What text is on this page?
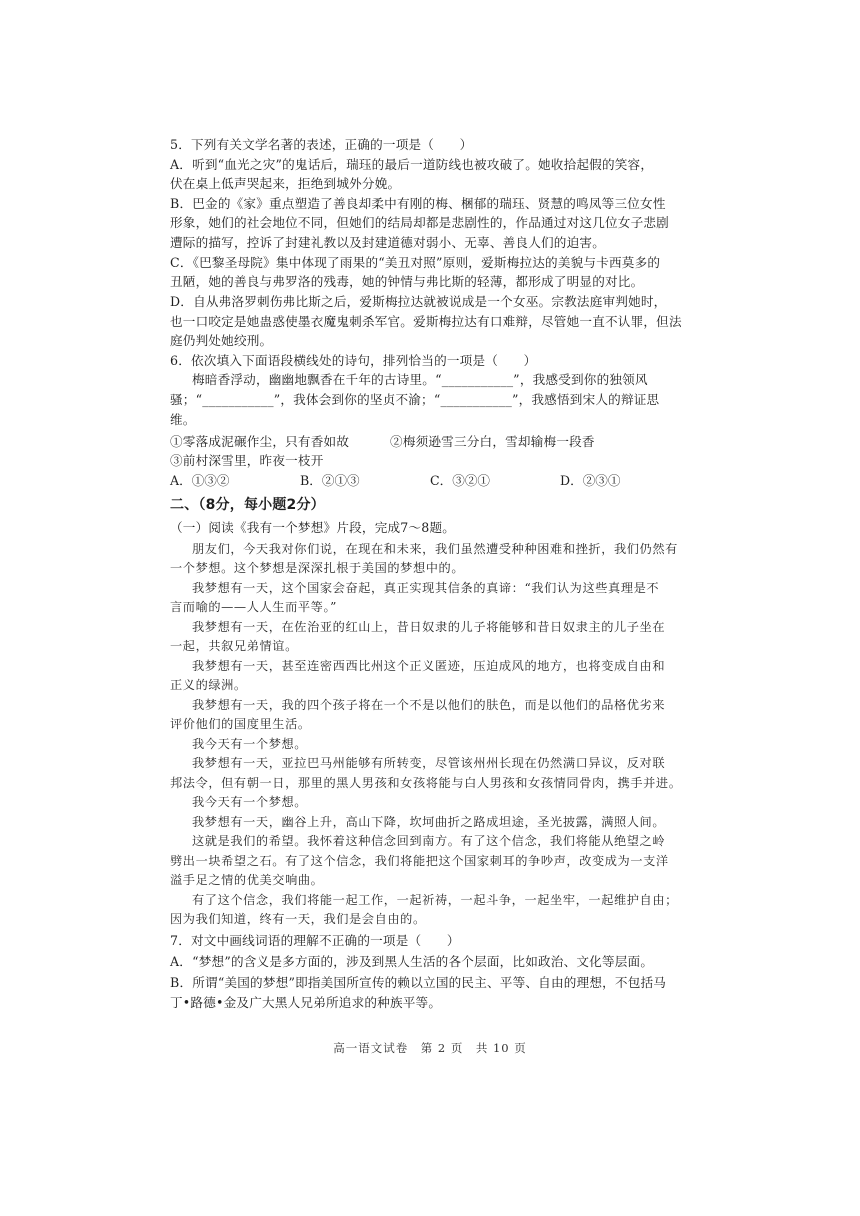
5．下列有关文学名著的表述，正确的一项是（　　）
A．听到“血光之灾”的鬼话后，瑞珏的最后一道防线也被攻破了。她收拾起假的笑容，
伏在桌上低声哭起来，拒绝到城外分娩。
B．巴金的《家》重点塑造了善良却柔中有刚的梅、梱郁的瑞珏、贤慧的鸣凤等三位女性
形象，她们的社会地位不同，但她们的结局却都是悲剧性的，作品通过对这几位女子悲剧
遭际的描写，控诉了封建礼教以及封建道德对弱小、无辜、善良人们的迫害。
C．《巴黎圣母院》集中体现了雨果的“美丑对照”原则，爱斯梅拉达的美貌与卡西莫多的
丑陋，她的善良与弗罗洛的残毒，她的钟情与弗比斯的轻薄，都形成了明显的对比。
D．自从弗洛罗刺伤弗比斯之后，爱斯梅拉达就被说成是一个女巫。宗教法庭审判她时，
也一口咬定是她蛊惑使墨衣魔鬼刺杀军官。爱斯梅拉达有口难辩，尽管她一直不认罪，但法
庭仍判处她绞刑。
6．依次填入下面语段横线处的诗句，排列恰当的一项是（　　）
梅暗香浮动，幽幽地飘香在千年的古诗里。“___________”，我感受到你的独领风
骚；“___________”，我体会到你的坚贞不渝；“___________”，我感悟到宋人的辩证思
维。
①零落成泥碾作尘，只有香如故	②梅须逊雪三分白，雪却输梅一段香
③前村深雪里，昨夜一枝开
A．①③②	B．②①③	C．③②①	D．②③①
二、（8分，每小题2分）
（一）阅读《我有一个梦想》片段，完成7～8题。
朋友们，今天我对你们说，在现在和未来，我们虽然遭受种种困难和挫折，我们仍然有
一个梦想。这个梦想是深深扎根于美国的梦想中的。
我梦想有一天，这个国家会奋起，真正实现其信条的真谛：“我们认为这些真理是不
言而喻的——人人生而平等。”
我梦想有一天，在佐治亚的红山上，昔日奴隶的儿子将能够和昔日奴隶主的儿子坐在
一起，共叙兄弟情谊。
我梦想有一天，甚至连密西西比州这个正义匿迹，压迫成风的地方，也将变成自由和
正义的绿洲。
我梦想有一天，我的四个孩子将在一个不是以他们的肤色，而是以他们的品格优劣来
评价他们的国度里生活。
我今天有一个梦想。
我梦想有一天，亚拉巴马州能够有所转变，尽管该州州长现在仍然满口异议，反对联
邦法令，但有朝一日，那里的黑人男孩和女孩将能与白人男孩和女孩情同骨肉，携手并进。
我今天有一个梦想。
我梦想有一天，幽谷上升，高山下降，坎坷曲折之路成坦途，圣光披露，满照人间。
这就是我们的希望。我怀着这种信念回到南方。有了这个信念，我们将能从绝望之岭
劈出一块希望之石。有了这个信念，我们将能把这个国家刺耳的争吵声，改变成为一支洋
溢手足之情的优美交响曲。
有了这个信念，我们将能一起工作，一起祈祷，一起斗争，一起坐牢，一起维护自由；
因为我们知道，终有一天，我们是会自由的。
7．对文中画线词语的理解不正确的一项是（　　）
A．“梦想”的含义是多方面的，涉及到黑人生活的各个层面，比如政治、文化等层面。
B．所谓“美国的梦想”即指美国所宣传的赖以立国的民主、平等、自由的理想，不包括马
丁•路德•金及广大黑人兄弟所追求的种族平等。
高一语文试卷　第 2 页　共 10 页
